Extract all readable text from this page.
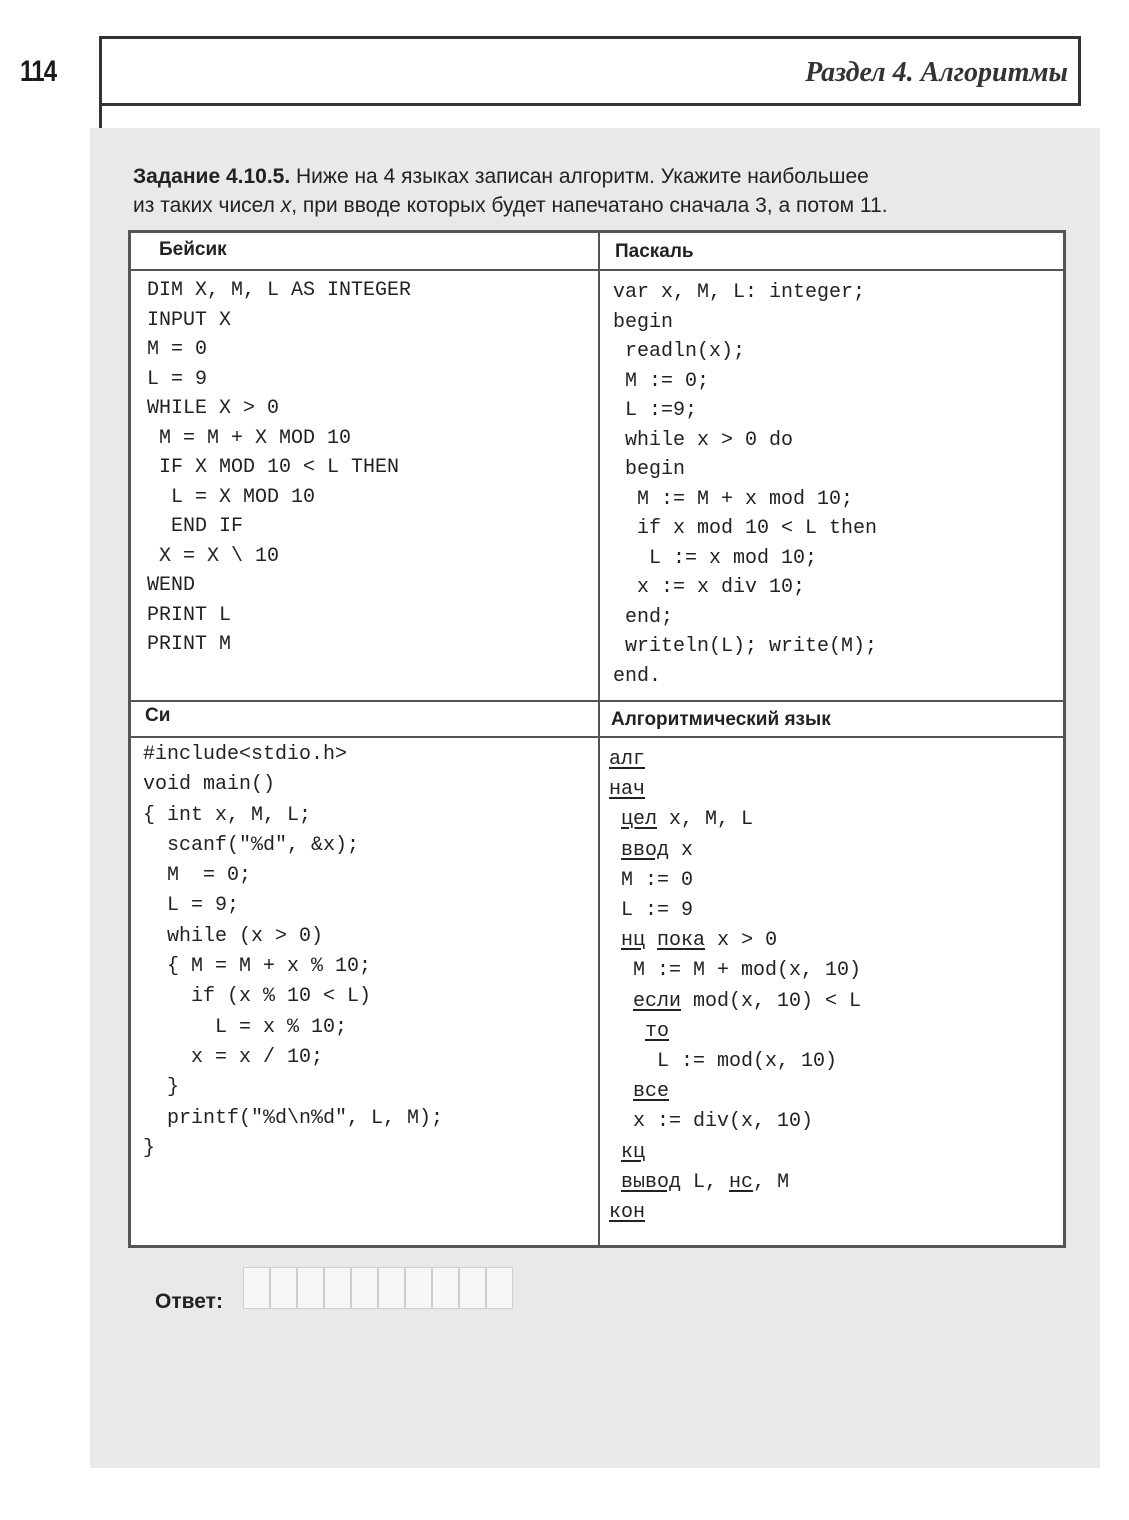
114	Раздел 4. Алгоритмы
Задание 4.10.5. Ниже на 4 языках записан алгоритм. Укажите наибольшее
из таких чисел x, при вводе которых будет напечатано сначала 3, а потом 11.
Бейсик	Паскаль
Си	Алгоритмический язык
DIM X, M, L AS INTEGER
INPUT X
M = 0
L = 9
WHILE X > 0
M = M + X MOD 10
IF X MOD 10 < L THEN
L = X MOD 10
END IF
X = X \ 10
WEND
PRINT L
PRINT M
var x, M, L: integer;
begin
readln(x);
M := 0;
L :=9;
while x > 0 do
begin
M := M + x mod 10;
if x mod 10 < L then
L := x mod 10;
x := x div 10;
end;
writeln(L); write(M);
end.
#include<stdio.h>
void main()
{ int x, M, L;
scanf("%d", &x);
M  = 0;
L = 9;
while (x > 0)
{ M = M + x % 10;
if (x % 10 < L)
L = x % 10;
x = x / 10;
}
printf("%d\n%d", L, M);
}
алг
нач
цел x, M, L
ввод x
M := 0
L := 9
нц пока x > 0
M := M + mod(x, 10)
если mod(x, 10) < L
то
L := mod(x, 10)
все
x := div(x, 10)
кц
вывод L, нс, M
кон
Ответ:
